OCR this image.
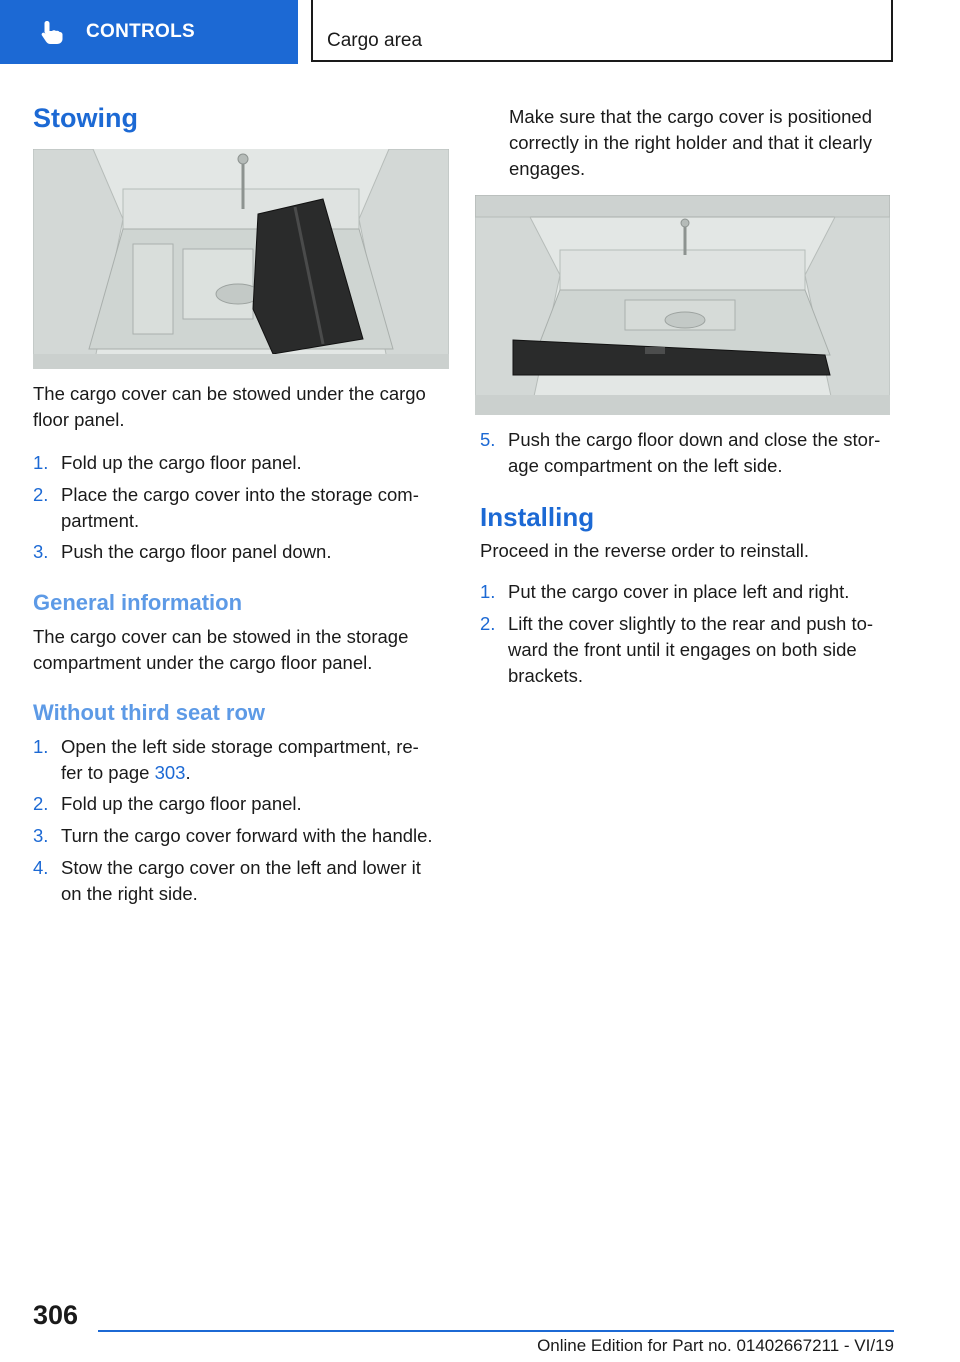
CONTROLS	Cargo area
Stowing

The cargo cover can be stowed under the cargo floor panel.

1. Fold up the cargo floor panel.
2. Place the cargo cover into the storage com-
partment.
3. Push the cargo floor panel down.
General information

The cargo cover can be stowed in the storage

compartment under the cargo floor panel.

Without third seat row
1. Open the left side storage compartment, re-
fer to page 303.
2. Fold up the cargo floor panel.
3. Turn the cargo cover forward with the handle.
4. Stow the cargo cover on the left and lower it
on the right side.

Make sure that the cargo cover is positioned

correctly in the right holder and that it clearly

engages.

5. Push the cargo floor down and close the stor-
age compartment on the left side.
Installing

Proceed in the reverse order to reinstall.

1. Put the cargo cover in place left and right.
2. Lift the cover slightly to the rear and push to-
ward the front until it engages on both side
brackets.
306
Online Edition for Part no. 01402667211 - VI/19
